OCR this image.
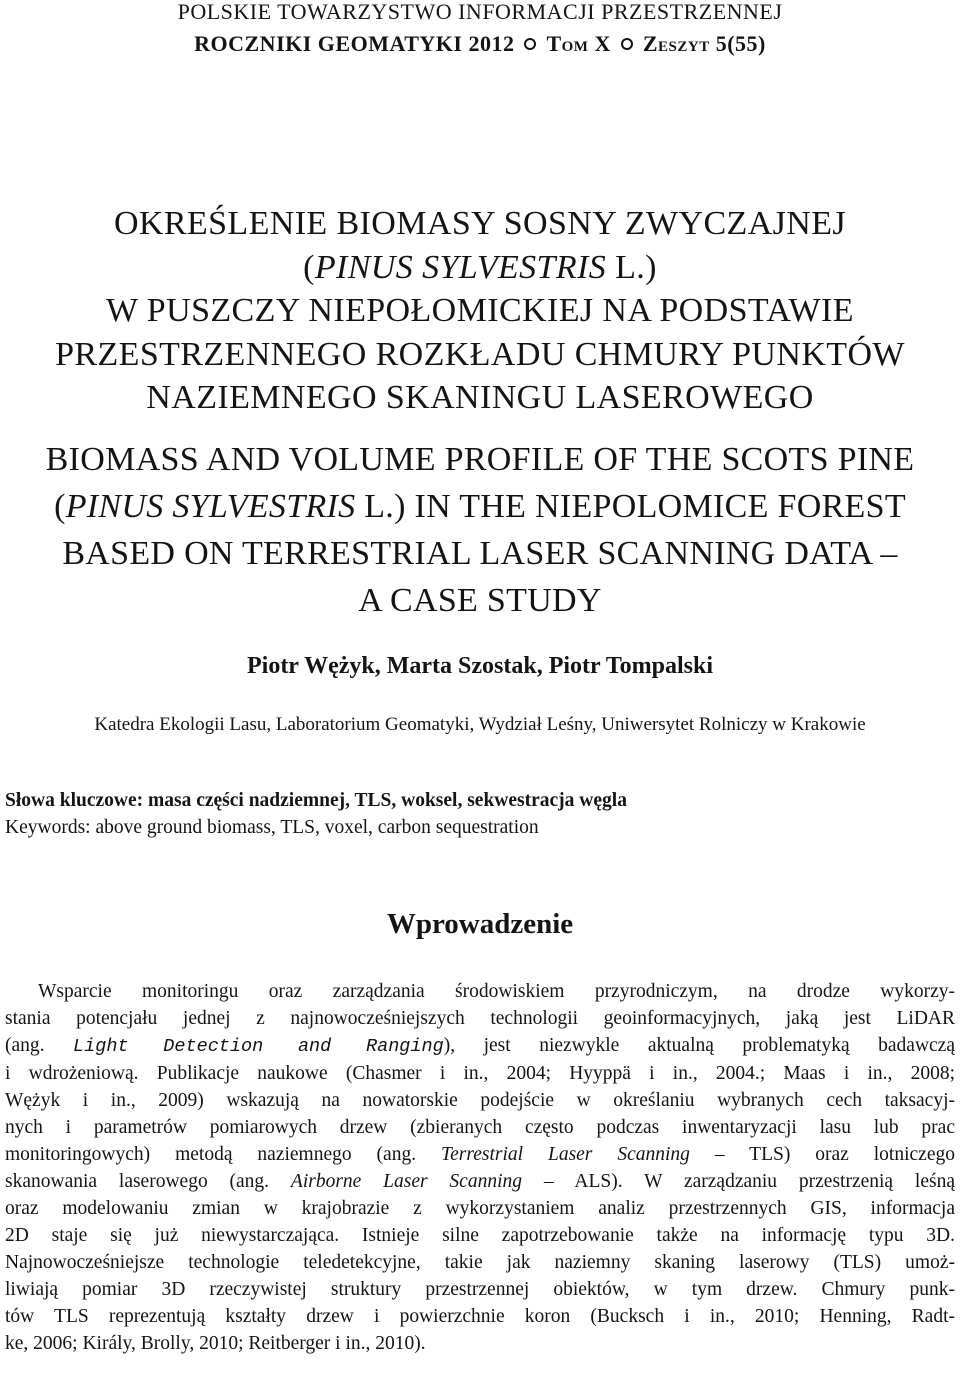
POLSKIE TOWARZYSTWO INFORMACJI PRZESTRZENNEJ
ROCZNIKI GEOMATYKI 2012 Tom X Zeszyt 5(55)
OKREŚLENIE BIOMASY SOSNY ZWYCZAJNEJ
(PINUS SYLVESTRIS L.)
W PUSZCZY NIEPOŁOMICKIEJ NA PODSTAWIE
PRZESTRZENNEGO ROZKŁADU CHMURY PUNKTÓW
NAZIEMNEGO SKANINGU LASEROWEGO
BIOMASS AND VOLUME PROFILE OF THE SCOTS PINE
(PINUS SYLVESTRIS L.) IN THE NIEPOLOMICE FOREST
BASED ON TERRESTRIAL LASER SCANNING DATA –
A CASE STUDY
Piotr Wężyk, Marta Szostak, Piotr Tompalski
Katedra Ekologii Lasu, Laboratorium Geomatyki, Wydział Leśny, Uniwersytet Rolniczy w Krakowie
Słowa kluczowe: masa części nadziemnej, TLS, woksel, sekwestracja węgla
Keywords: above ground biomass, TLS, voxel, carbon sequestration
Wprowadzenie
Wsparcie monitoringu oraz zarządzania środowiskiem przyrodniczym, na drodze wykorzy-
stania potencjału jednej z najnowocześniejszych technologii geoinformacyjnych, jaką jest LiDAR
(ang. Light Detection and Ranging), jest niezwykle aktualną problematyką badawczą
i wdrożeniową. Publikacje naukowe (Chasmer i in., 2004; Hyyppä i in., 2004.; Maas i in., 2008;
Wężyk i in., 2009) wskazują na nowatorskie podejście w określaniu wybranych cech taksacyj-
nych i parametrów pomiarowych drzew (zbieranych często podczas inwentaryzacji lasu lub prac
monitoringowych) metodą naziemnego (ang. Terrestrial Laser Scanning – TLS) oraz lotniczego
skanowania laserowego (ang. Airborne Laser Scanning – ALS). W zarządzaniu przestrzenią leśną
oraz modelowaniu zmian w krajobrazie z wykorzystaniem analiz przestrzennych GIS, informacja
2D staje się już niewystarczająca. Istnieje silne zapotrzebowanie także na informację typu 3D.
Najnowocześniejsze technologie teledetekcyjne, takie jak naziemny skaning laserowy (TLS) umoż-
liwiają pomiar 3D rzeczywistej struktury przestrzennej obiektów, w tym drzew. Chmury punk-
tów TLS reprezentują kształty drzew i powierzchnie koron (Bucksch i in., 2010; Henning, Radt-
ke, 2006; Király, Brolly, 2010; Reitberger i in., 2010).
